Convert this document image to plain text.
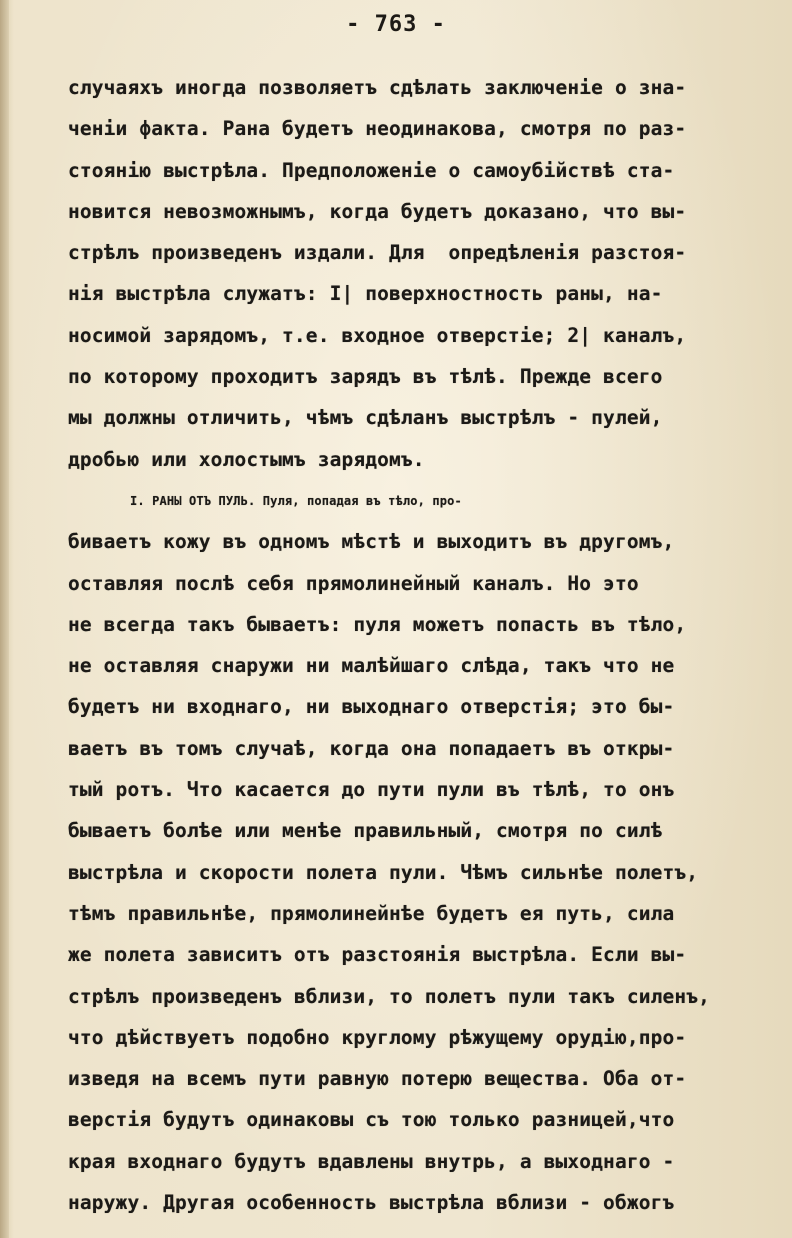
- 763 -
случаяхъ иногда позволяетъ сдѣлать заключеніе о зна-
ченіи факта. Рана будетъ неодинакова, смотря по раз-
стоянію выстрѣла. Предположеніе о самоубійствѣ ста-
новится невозможнымъ, когда будетъ доказано, что вы-
стрѣлъ произведенъ издали. Для  опредѣленія разстоя-
нія выстрѣла служатъ: I| поверхностность раны, на-
носимой зарядомъ, т.е. входное отверстіе; 2| каналъ,
по которому проходитъ зарядъ въ тѣлѣ. Прежде всего
мы должны отличить, чѣмъ сдѣланъ выстрѣлъ - пулей,
дробью или холостымъ зарядомъ.
I. РАНЫ ОТЪ ПУЛЬ. Пуля, попадая въ тѣло, про-
биваетъ кожу въ одномъ мѣстѣ и выходитъ въ другомъ,
оставляя послѣ себя прямолинейный каналъ. Но это
не всегда такъ бываетъ: пуля можетъ попасть въ тѣло,
не оставляя снаружи ни малѣйшаго слѣда, такъ что не
будетъ ни входнаго, ни выходнаго отверстія; это бы-
ваетъ въ томъ случаѣ, когда она попадаетъ въ откры-
тый ротъ. Что касается до пути пули въ тѣлѣ, то онъ
бываетъ болѣе или менѣе правильный, смотря по силѣ
выстрѣла и скорости полета пули. Чѣмъ сильнѣе полетъ,
тѣмъ правильнѣе, прямолинейнѣе будетъ ея путь, сила
же полета зависитъ отъ разстоянія выстрѣла. Если вы-
стрѣлъ произведенъ вблизи, то полетъ пули такъ силенъ,
что дѣйствуетъ подобно круглому рѣжущему орудію,про-
изведя на всемъ пути равную потерю вещества. Оба от-
верстія будутъ одинаковы съ тою только разницей,что
края входнаго будутъ вдавлены внутрь, а выходнаго -
наружу. Другая особенность выстрѣла вблизи - обжогъ
